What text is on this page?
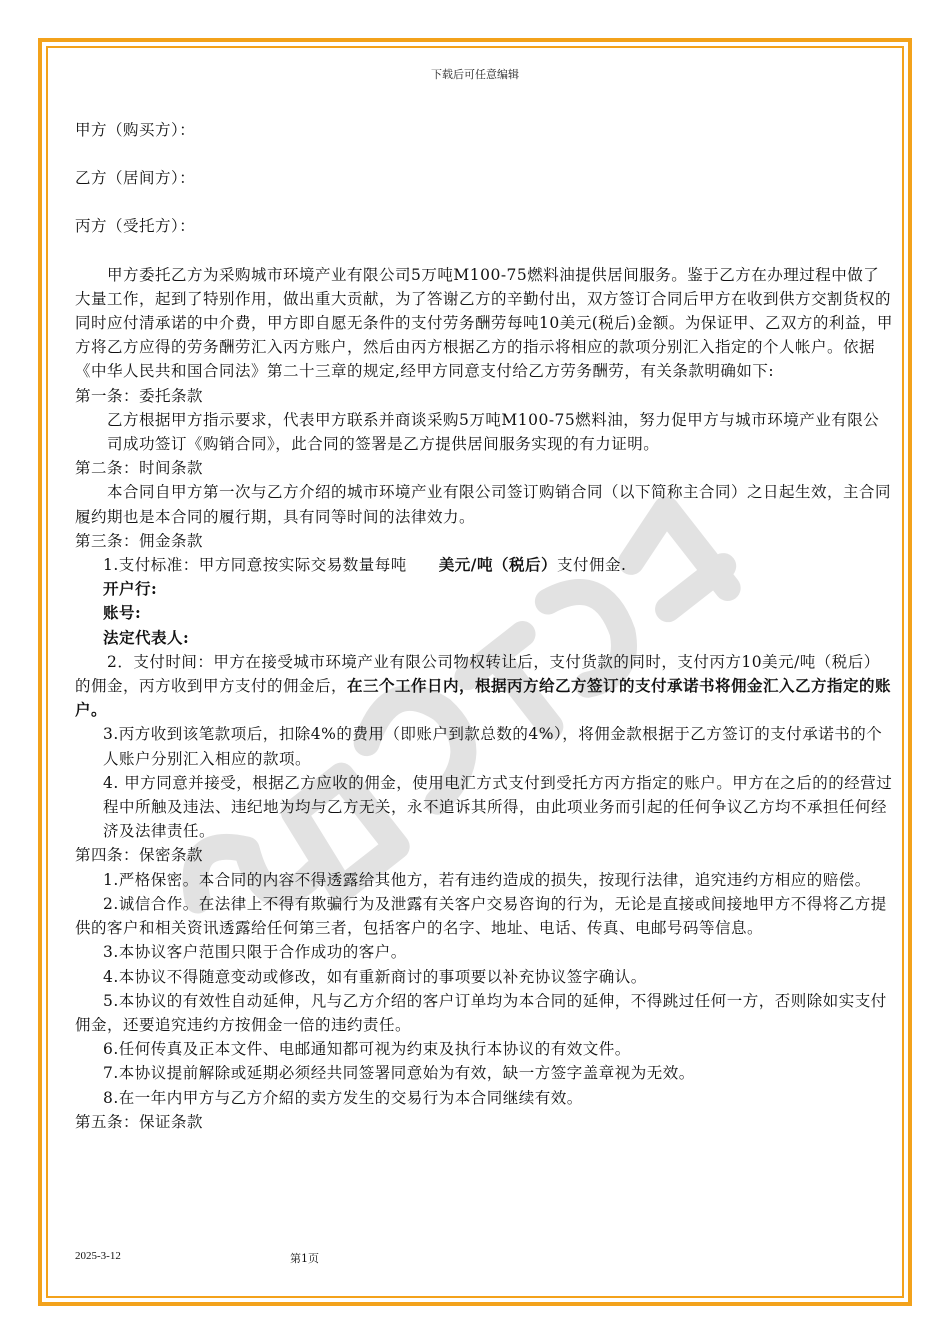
下载后可任意编辑

甲方（购买方）：

乙方（居间方）：

丙方（受托方）：

甲方委托乙方为采购城市环境产业有限公司5万吨M100-75燃料油提供居间服务。鉴于乙方在办理过程中做了大量工作，起到了特别作用，做出重大贡献，为了答谢乙方的辛勤付出，双方签订合同后甲方在收到供方交割货权的同时应付清承诺的中介费，甲方即自愿无条件的支付劳务酬劳每吨10美元(税后)金额。为保证甲、乙双方的利益，甲方将乙方应得的劳务酬劳汇入丙方账户，然后由丙方根据乙方的指示将相应的款项分别汇入指定的个人帐户。依据《中华人民共和国合同法》第二十三章的规定,经甲方同意支付给乙方劳务酬劳，有关条款明确如下:

第一条：委托条款

乙方根据甲方指示要求，代表甲方联系并商谈采购5万吨M100-75燃料油，努力促甲方与城市环境产业有限公司成功签订《购销合同》，此合同的签署是乙方提供居间服务实现的有力证明。

第二条：时间条款

本合同自甲方第一次与乙方介绍的城市环境产业有限公司签订购销合同（以下简称主合同）之日起生效，主合同履约期也是本合同的履行期，具有同等时间的法律效力。

第三条：佣金条款

1.支付标准：甲方同意按实际交易数量每吨 美元/吨（税后）支付佣金.

开户行:

账号:

法定代表人:

2．支付时间：甲方在接受城市环境产业有限公司物权转让后，支付货款的同时，支付丙方10美元/吨（税后）的佣金，丙方收到甲方支付的佣金后，在三个工作日内，根据丙方给乙方签订的支付承诺书将佣金汇入乙方指定的账户。

3.丙方收到该笔款项后，扣除4%的费用（即账户到款总数的4%），将佣金款根据于乙方签订的支付承诺书的个人账户分别汇入相应的款项。

4. 甲方同意并接受，根据乙方应收的佣金，使用电汇方式支付到受托方丙方指定的账户。甲方在之后的的经营过程中所触及违法、违纪地为均与乙方无关，永不追诉其所得，由此项业务而引起的任何争议乙方均不承担任何经济及法律责任。

第四条：保密条款

1.严格保密。本合同的内容不得透露给其他方，若有违约造成的损失，按现行法律，追究违约方相应的赔偿。

2.诚信合作。在法律上不得有欺骗行为及泄露有关客户交易咨询的行为，无论是直接或间接地甲方不得将乙方提供的客户和相关资讯透露给任何第三者，包括客户的名字、地址、电话、传真、电邮号码等信息。

3.本协议客户范围只限于合作成功的客户。

4.本协议不得随意变动或修改，如有重新商讨的事项要以补充协议签字确认。

5.本协议的有效性自动延伸，凡与乙方介绍的客户订单均为本合同的延伸，不得跳过任何一方，否则除如实支付佣金，还要追究违约方按佣金一倍的违约责任。

6.任何传真及正本文件、电邮通知都可视为约束及执行本协议的有效文件。

7.本协议提前解除或延期必须经共同签署同意始为有效，缺一方签字盖章视为无效。

8.在一年内甲方与乙方介紹的卖方发生的交易行为本合同继续有效。

第五条：保证条款

2025-3-12	第1页
